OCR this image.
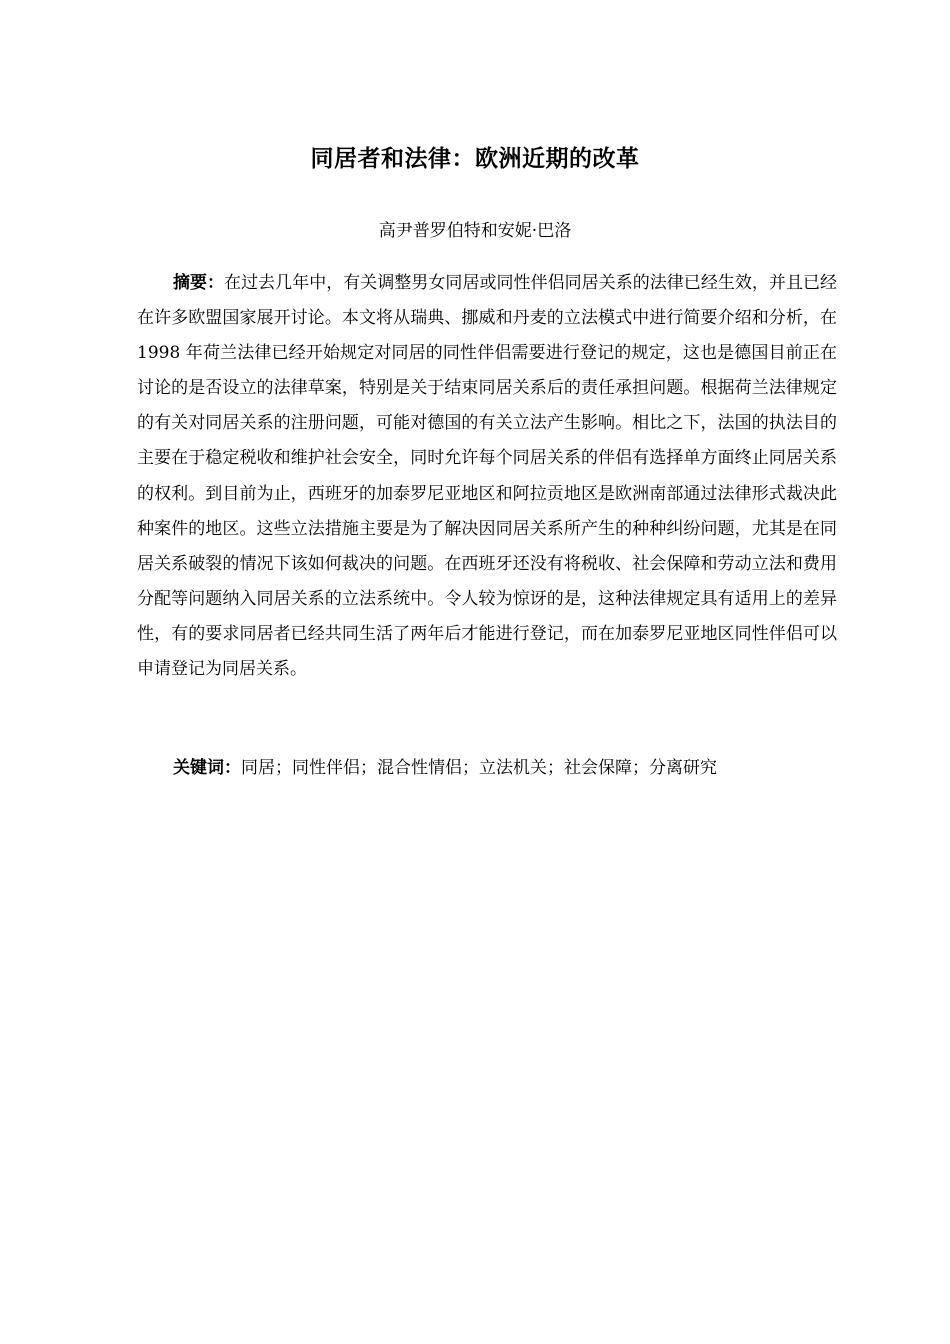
同居者和法律：欧洲近期的改革
高尹普罗伯特和安妮·巴洛

摘要：在过去几年中，有关调整男女同居或同性伴侣同居关系的法律已经生效，并且已经在许多欧盟国家展开讨论。本文将从瑞典、挪威和丹麦的立法模式中进行简要介绍和分析，在 1998 年荷兰法律已经开始规定对同居的同性伴侣需要进行登记的规定，这也是德国目前正在讨论的是否设立的法律草案，特别是关于结束同居关系后的责任承担问题。根据荷兰法律规定的有关对同居关系的注册问题，可能对德国的有关立法产生影响。相比之下，法国的执法目的主要在于稳定税收和维护社会安全，同时允许每个同居关系的伴侣有选择单方面终止同居关系的权利。到目前为止，西班牙的加泰罗尼亚地区和阿拉贡地区是欧洲南部通过法律形式裁决此种案件的地区。这些立法措施主要是为了解决因同居关系所产生的种种纠纷问题，尤其是在同居关系破裂的情况下该如何裁决的问题。在西班牙还没有将税收、社会保障和劳动立法和费用分配等问题纳入同居关系的立法系统中。令人较为惊讶的是，这种法律规定具有适用上的差异性，有的要求同居者已经共同生活了两年后才能进行登记，而在加泰罗尼亚地区同性伴侣可以申请登记为同居关系。

关键词：同居；同性伴侣；混合性情侣；立法机关；社会保障；分离研究
